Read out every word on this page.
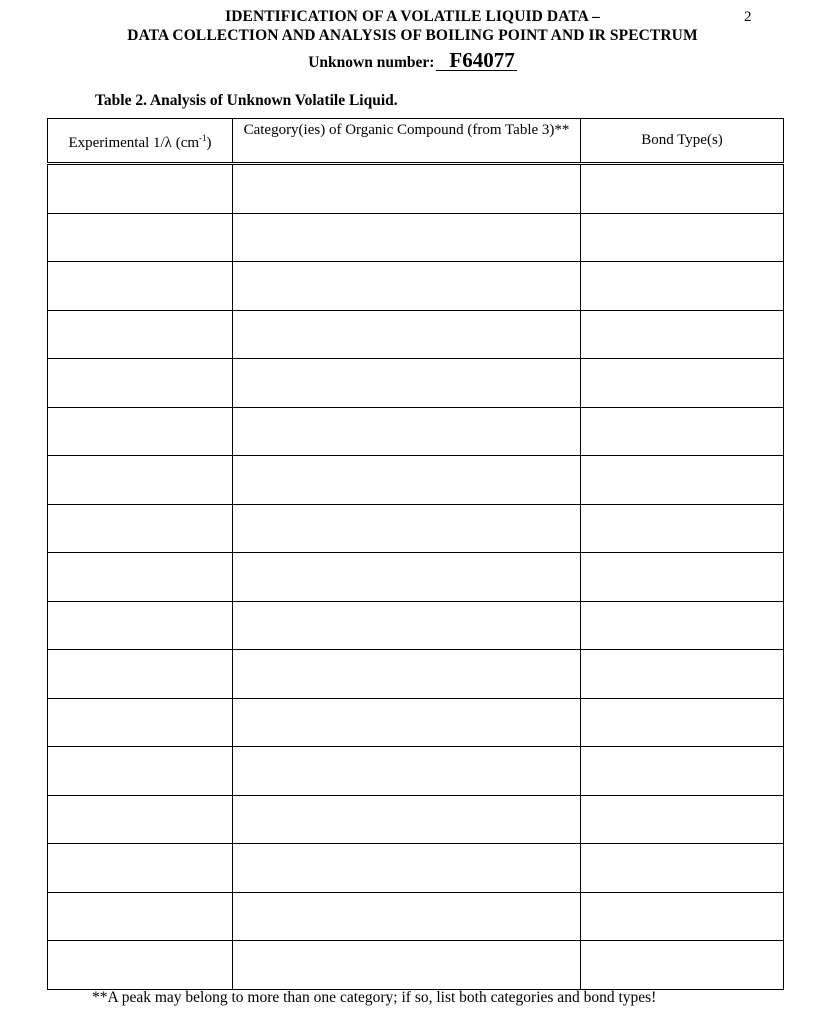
IDENTIFICATION OF A VOLATILE LIQUID DATA –
DATA COLLECTION AND ANALYSIS OF BOILING POINT AND IR SPECTRUM
2
Unknown number: F64077
Table 2. Analysis of Unknown Volatile Liquid.
Experimental 1/λ $(cm^{-1})$	Category(ies) of Organic Compound (from Table 3)**	Bond Type(s)

**A peak may belong to more than one category; if so, list both categories and bond types!
